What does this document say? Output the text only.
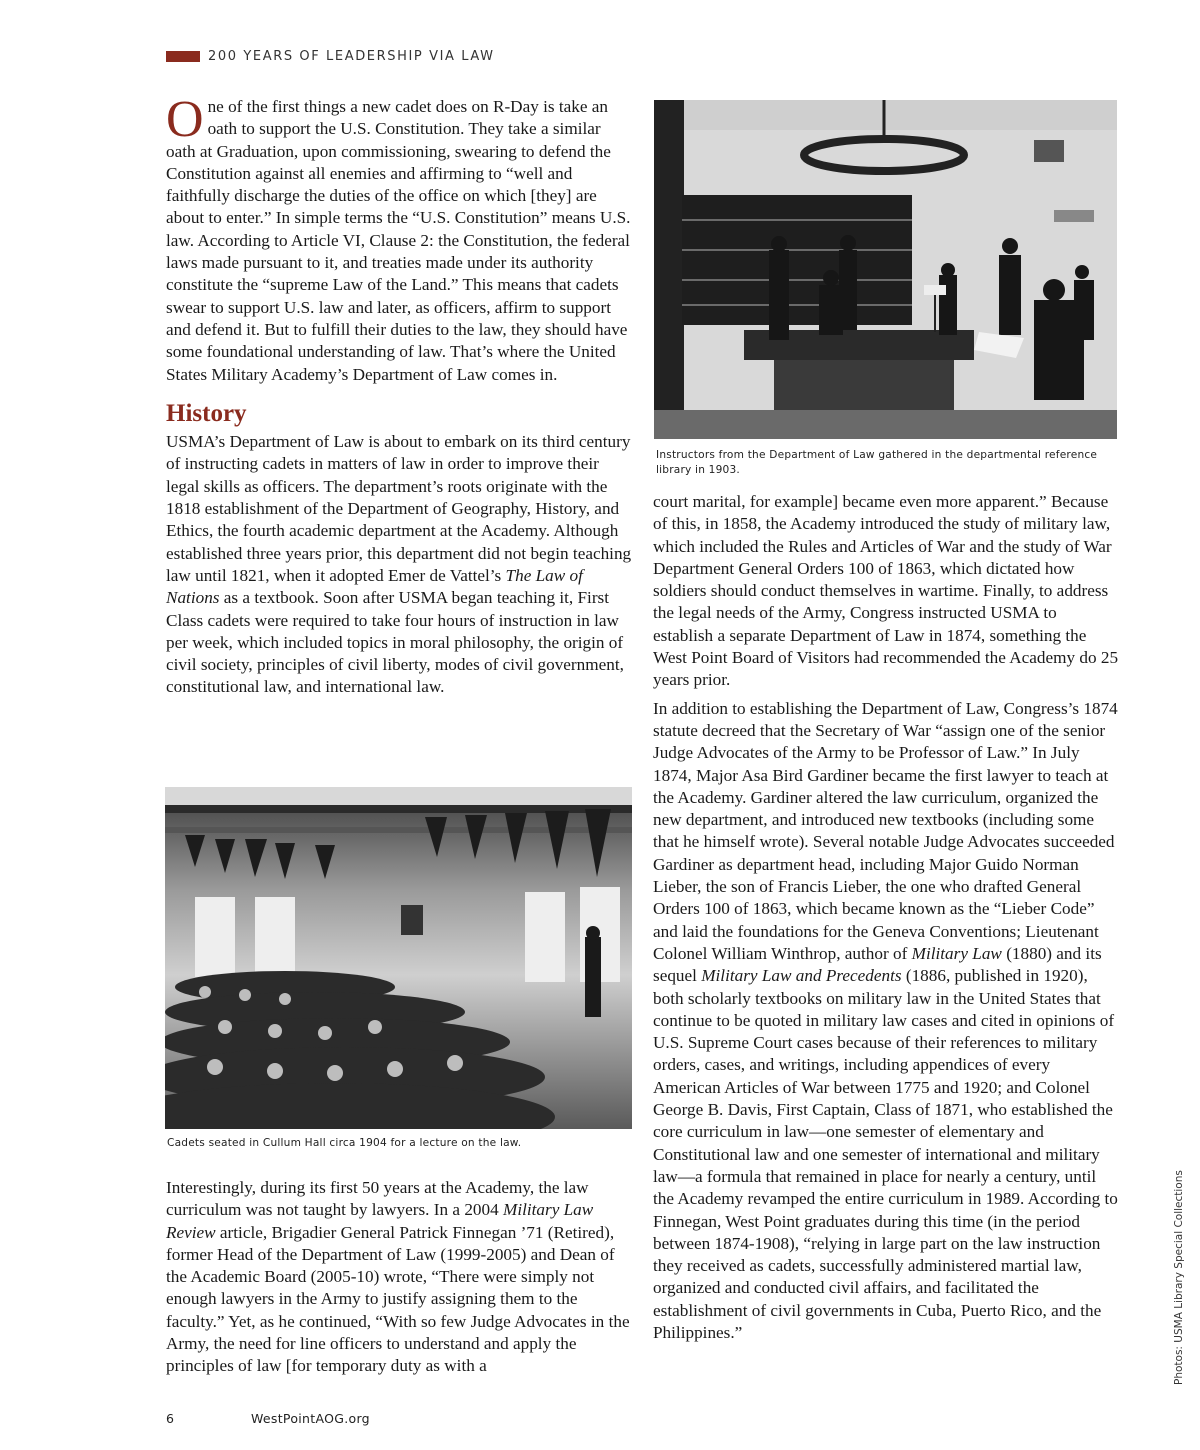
200 YEARS OF LEADERSHIP VIA LAW

One of the first things a new cadet does on R-Day is take an oath to support the U.S. Constitution. They take a similar oath at Graduation, upon commissioning, swearing to defend the Constitution against all enemies and affirming to “well and faithfully discharge the duties of the office on which [they] are about to enter.” In simple terms the “U.S. Constitution” means U.S. law. According to Article VI, Clause 2: the Constitution, the federal laws made pursuant to it, and treaties made under its authority constitute the “supreme Law of the Land.” This means that cadets swear to support U.S. law and later, as officers, affirm to support and defend it. But to fulfill their duties to the law, they should have some foundational understanding of law. That’s where the United States Military Academy’s Department of Law comes in.

History

USMA’s Department of Law is about to embark on its third century of instructing cadets in matters of law in order to improve their legal skills as officers. The department’s roots originate with the 1818 establishment of the Department of Geography, History, and Ethics, the fourth academic department at the Academy. Although established three years prior, this department did not begin teaching law until 1821, when it adopted Emer de Vattel’s The Law of Nations as a textbook. Soon after USMA began teaching it, First Class cadets were required to take four hours of instruction in law per week, which included topics in moral philosophy, the origin of civil society, principles of civil liberty, modes of civil government, constitutional law, and international law.

Cadets seated in Cullum Hall circa 1904 for a lecture on the law.

Interestingly, during its first 50 years at the Academy, the law curriculum was not taught by lawyers. In a 2004 Military Law Review article, Brigadier General Patrick Finnegan ’71 (Retired), former Head of the Department of Law (1999-2005) and Dean of the Academic Board (2005-10) wrote, “There were simply not enough lawyers in the Army to justify assigning them to the faculty.” Yet, as he continued, “With so few Judge Advocates in the Army, the need for line officers to understand and apply the principles of law [for temporary duty as with a

Instructors from the Department of Law gathered in the departmental reference library in 1903.

court marital, for example] became even more apparent.” Because of this, in 1858, the Academy introduced the study of military law, which included the Rules and Articles of War and the study of War Department General Orders 100 of 1863, which dictated how soldiers should conduct themselves in wartime. Finally, to address the legal needs of the Army, Congress instructed USMA to establish a separate Department of Law in 1874, something the West Point Board of Visitors had recommended the Academy do 25 years prior.

In addition to establishing the Department of Law, Congress’s 1874 statute decreed that the Secretary of War “assign one of the senior Judge Advocates of the Army to be Professor of Law.” In July 1874, Major Asa Bird Gardiner became the first lawyer to teach at the Academy. Gardiner altered the law curriculum, organized the new department, and introduced new textbooks (including some that he himself wrote). Several notable Judge Advocates succeeded Gardiner as department head, including Major Guido Norman Lieber, the son of Francis Lieber, the one who drafted General Orders 100 of 1863, which became known as the “Lieber Code” and laid the foundations for the Geneva Conventions; Lieutenant Colonel William Winthrop, author of Military Law (1880) and its sequel Military Law and Precedents (1886, published in 1920), both scholarly textbooks on military law in the United States that continue to be quoted in military law cases and cited in opinions of U.S. Supreme Court cases because of their references to military orders, cases, and writings, including appendices of every American Articles of War between 1775 and 1920; and Colonel George B. Davis, First Captain, Class of 1871, who established the core curriculum in law—one semester of elementary and Constitutional law and one semester of international and military law—a formula that remained in place for nearly a century, until the Academy revamped the entire curriculum in 1989. According to Finnegan, West Point graduates during this time (in the period between 1874-1908), “relying in large part on the law instruction they received as cadets, successfully administered martial law, organized and conducted civil affairs, and facilitated the establishment of civil governments in Cuba, Puerto Rico, and the Philippines.”

6	WestPointAOG.org
Photos: USMA Library Special Collections
